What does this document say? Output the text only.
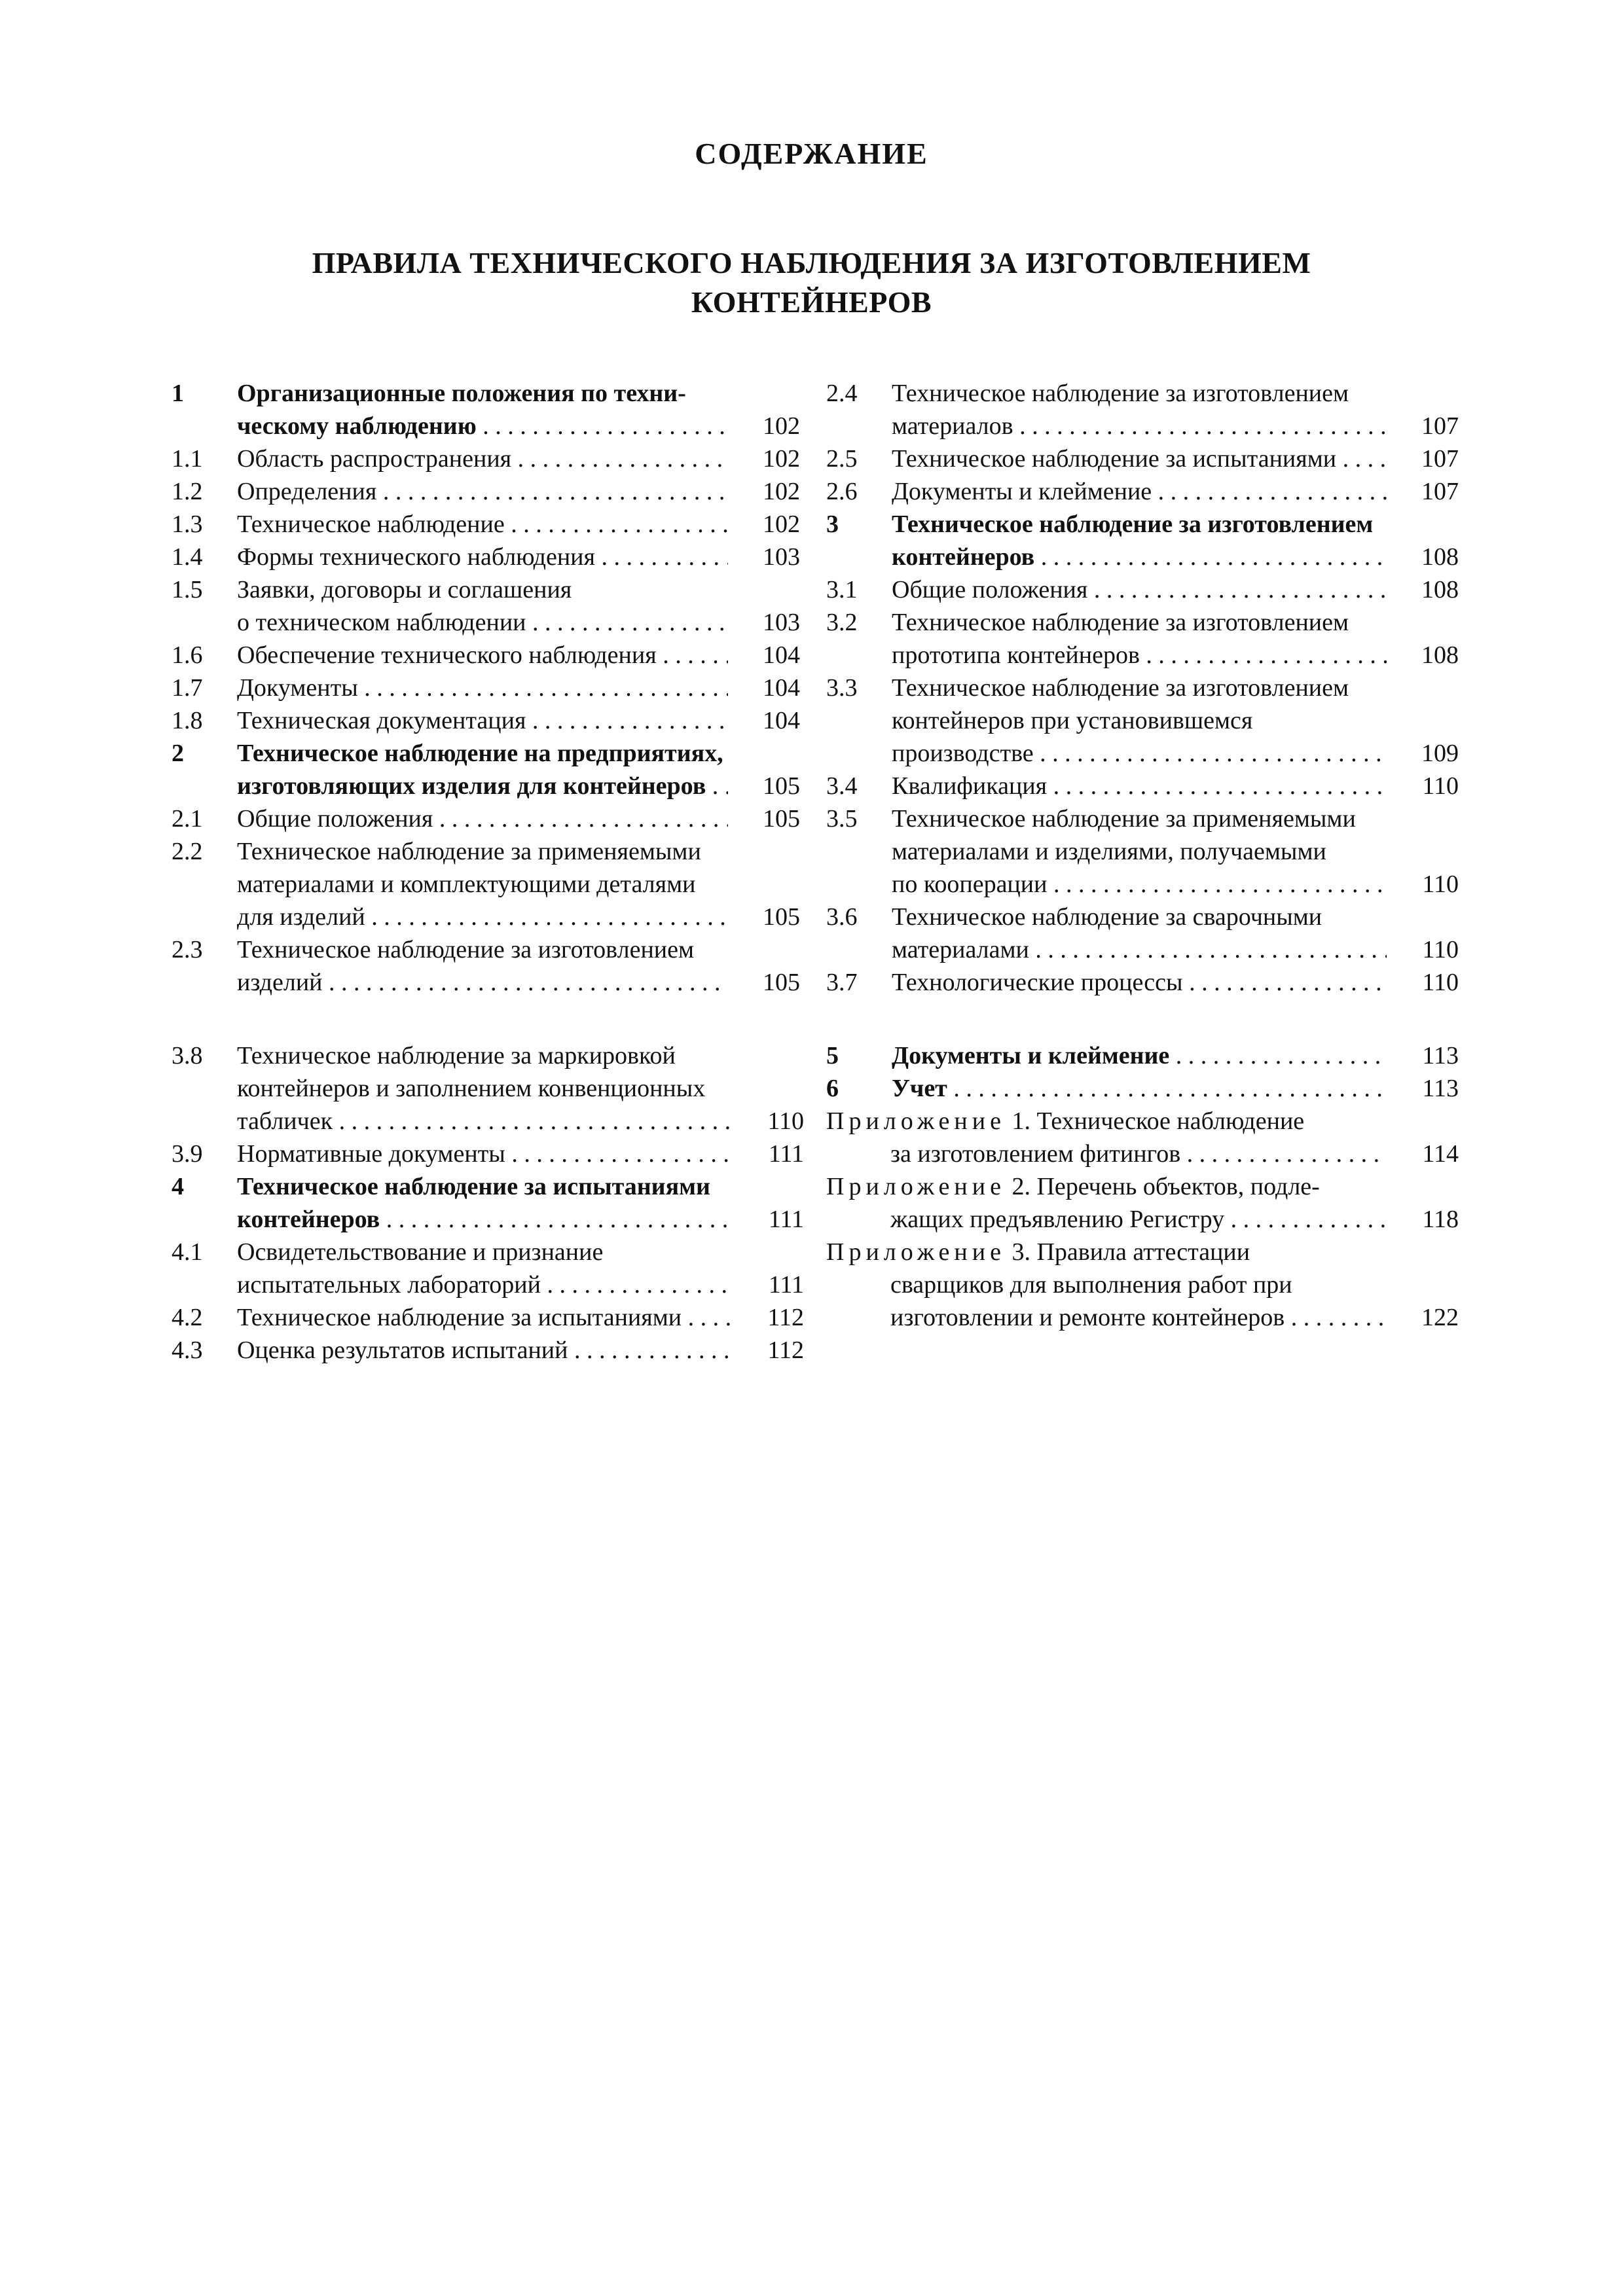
СОДЕРЖАНИЕ
ПРАВИЛА ТЕХНИЧЕСКОГО НАБЛЮДЕНИЯ ЗА ИЗГОТОВЛЕНИЕМ
КОНТЕЙНЕРОВ
1	Организационные положения по техни-
ческому наблюдению . . .	102
1.1	Область распространения . . .	102
1.2	Определения . . .	102
1.3	Техническое наблюдение . . .	102
1.4	Формы технического наблюдения . . .	103
1.5	Заявки, договоры и соглашения
о техническом наблюдении . . .	103
1.6	Обеспечение технического наблюдения . . .	104
1.7	Документы . . .	104
1.8	Техническая документация . . .	104
2	Техническое наблюдение на предприятиях,
изготовляющих изделия для контейнеров . . .	105
2.1	Общие положения . . .	105
2.2	Техническое наблюдение за применяемыми
материалами и комплектующими деталями
для изделий . . .	105
2.3	Техническое наблюдение за изготовлением
изделий . . .	105
2.4	Техническое наблюдение за изготовлением
материалов . . .	107
2.5	Техническое наблюдение за испытаниями . . .	107
2.6	Документы и клеймение . . .	107
3	Техническое наблюдение за изготовлением
контейнеров . . .	108
3.1	Общие положения . . .	108
3.2	Техническое наблюдение за изготовлением
прототипа контейнеров . . .	108
3.3	Техническое наблюдение за изготовлением
контейнеров при установившемся
производстве . . .	109
3.4	Квалификация . . .	110
3.5	Техническое наблюдение за применяемыми
материалами и изделиями, получаемыми
по кооперации . . .	110
3.6	Техническое наблюдение за сварочными
материалами . . .	110
3.7	Технологические процессы . . .	110
3.8	Техническое наблюдение за маркировкой
контейнеров и заполнением конвенционных
табличек . . .	110
3.9	Нормативные документы . . .	111
4	Техническое наблюдение за испытаниями
контейнеров . . .	111
4.1	Освидетельствование и признание
испытательных лабораторий . . .	111
4.2	Техническое наблюдение за испытаниями . . .	112
4.3	Оценка результатов испытаний . . .	112
5	Документы и клеймение . . .	113
6	Учет . . .	113
Приложение 1. Техническое наблюдение
за изготовлением фитингов . . .	114
Приложение 2. Перечень объектов, подле-
жащих предъявлению Регистру . . .	118
Приложение 3. Правила аттестации
сварщиков для выполнения работ при
изготовлении и ремонте контейнеров . . .	122
